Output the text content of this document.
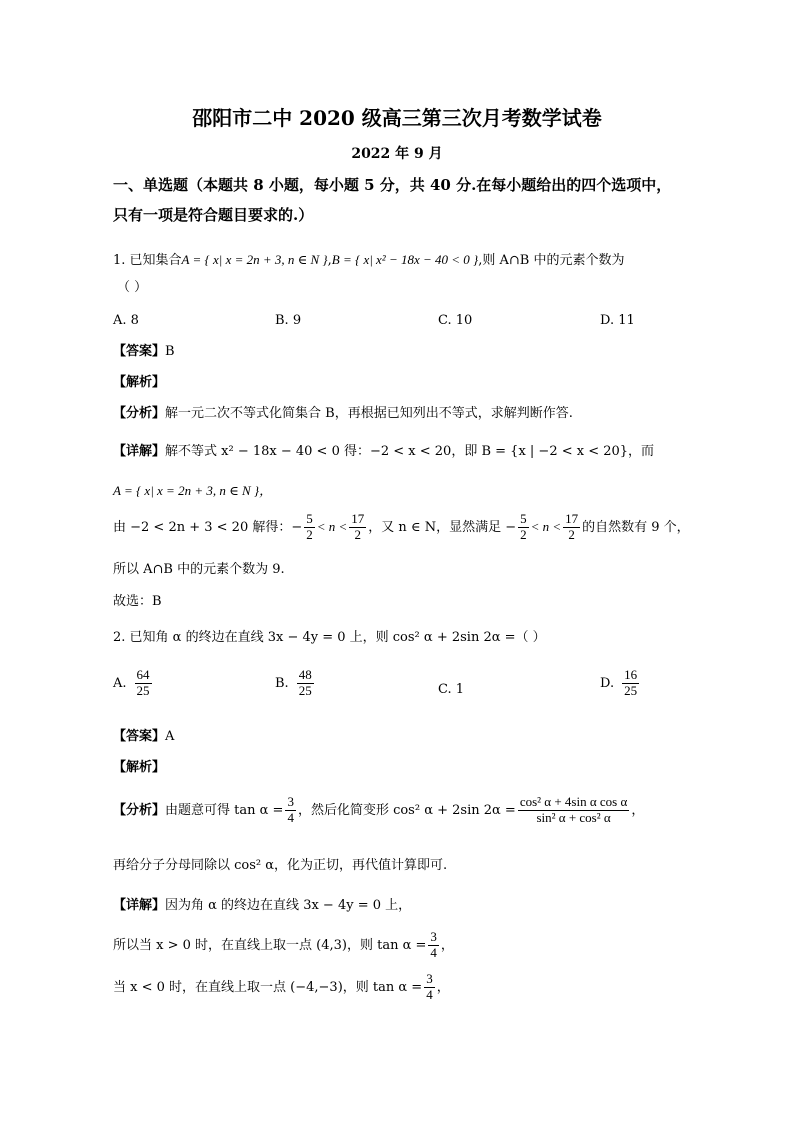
邵阳市二中 2020 级高三第三次月考数学试卷
2022 年 9 月
一、单选题（本题共 8 小题，每小题 5 分，共 40 分.在每小题给出的四个选项中，
只有一项是符合题目要求的.）
1. 已知集合A = { x| x = 2n + 3, n ∈ N },B = { x| x² − 18x − 40 < 0 },则 A∩B 中的元素个数为
（ ）
A. 8	B. 9	C. 10	D. 11
【答案】B
【解析】
【分析】解一元二次不等式化简集合 B，再根据已知列出不等式，求解判断作答.
【详解】解不等式 x² − 18x − 40 < 0 得：−2 < x < 20，即 B = {x | −2 < x < 20}，而
A = { x| x = 2n + 3, n ∈ N }，
由 −2 < 2n + 3 < 20 解得：− $\frac{5}{2} < n < \frac{17}{2}$ ，又 n ∈ N，显然满足 − $\frac{5}{2} < n < \frac{17}{2}$ 的自然数有 9 个，
所以 A∩B 中的元素个数为 9.
故选：B
2. 已知角 α 的终边在直线 3x − 4y = 0 上，则 cos² α + 2sin 2α =（ ）
A. $\frac{64}{25}$	B. $\frac{48}{25}$	C. 1	D. $\frac{16}{25}$
【答案】A
【解析】
【分析】由题意可得 $\tan \alpha = \frac{3}{4}$ ，然后化简变形 cos² α + 2sin $2\alpha = \frac{\text{cos² α + 4sin α cos α}}{\text{sin² α + cos² α}}$ ，
再给分子分母同除以 cos² α，化为正切，再代值计算即可.
【详解】因为角 α 的终边在直线 3x − 4y = 0 上，
所以当 x > 0 时，在直线上取一点 (4,3)，则 $\tan \alpha = \frac{3}{4}$ ，
当 x < 0 时，在直线上取一点 (−4,−3)，则 $\tan \alpha = \frac{3}{4}$ ，
